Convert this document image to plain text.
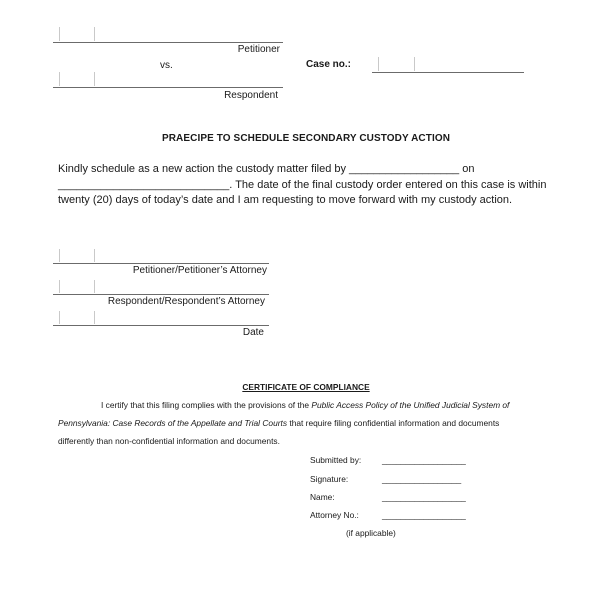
Petitioner
vs.
Respondent
Case no.:
PRAECIPE TO SCHEDULE SECONDARY CUSTODY ACTION
Kindly schedule as a new action the custody matter filed by __________________ on
____________________________. The date of the final custody order entered on this case is within
twenty (20) days of today’s date and I am requesting to move forward with my custody action.
Petitioner/Petitioner’s Attorney
Respondent/Respondent’s Attorney
Date
CERTIFICATE OF COMPLIANCE
I certify that this filing complies with the provisions of the Public Access Policy of the Unified Judicial System of
Pennsylvania: Case Records of the Appellate and Trial Courts that require filing confidential information and documents
differently than non-confidential information and documents.
Submitted by: __________________
Signature:	_________________
Name:	__________________
Attorney No.:	__________________
(if applicable)
